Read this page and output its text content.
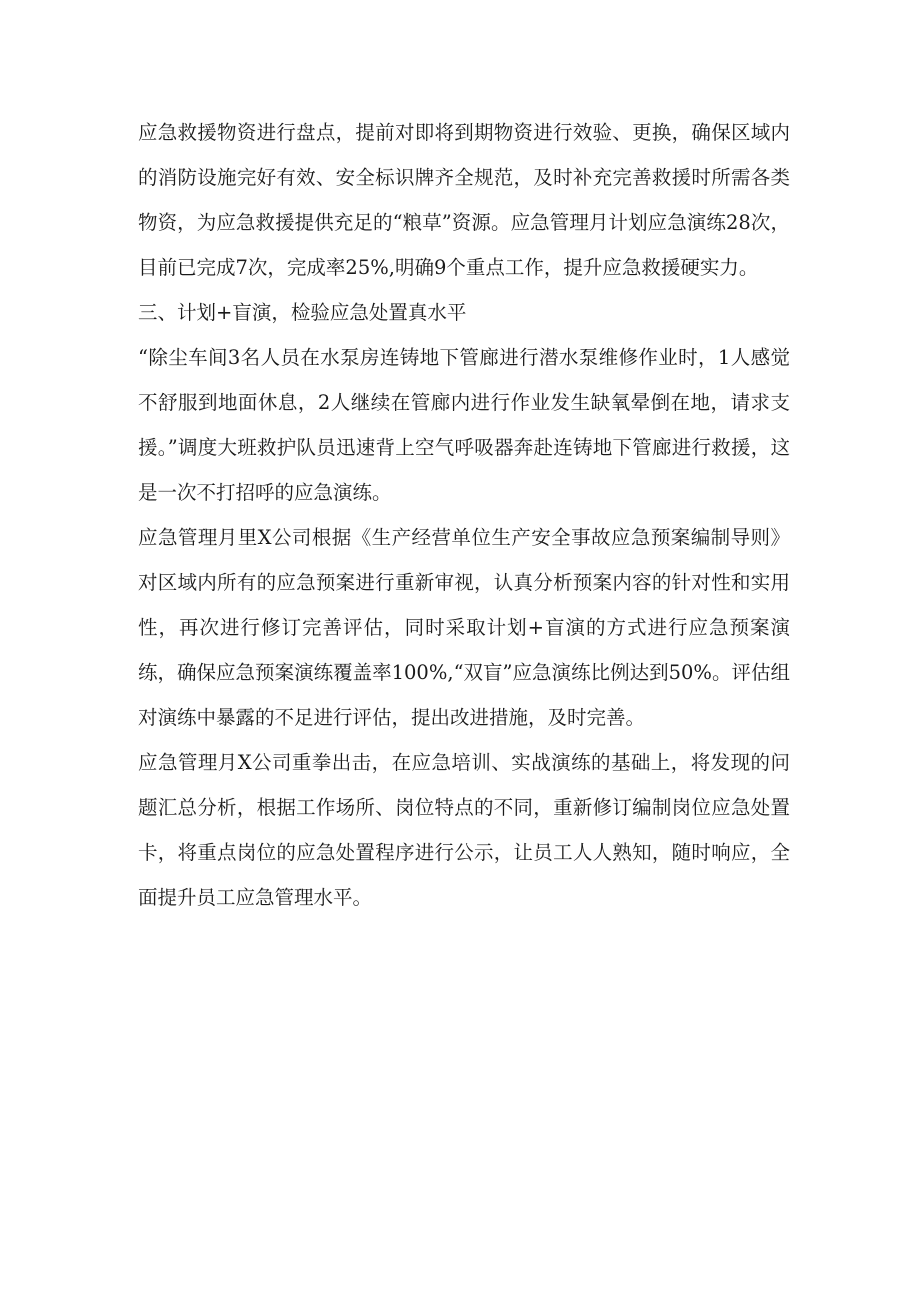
应急救援物资进行盘点，提前对即将到期物资进行效验、更换，确保区域内的消防设施完好有效、安全标识牌齐全规范，及时补充完善救援时所需各类物资，为应急救援提供充足的“粮草”资源。应急管理月计划应急演练28次，目前已完成7次，完成率25%,明确9个重点工作，提升应急救援硬实力。

三、计划+盲演，检验应急处置真水平

“除尘车间3名人员在水泵房连铸地下管廊进行潜水泵维修作业时，1人感觉不舒服到地面休息，2人继续在管廊内进行作业发生缺氧晕倒在地，请求支援。”调度大班救护队员迅速背上空气呼吸器奔赴连铸地下管廊进行救援，这是一次不打招呼的应急演练。

应急管理月里X公司根据《生产经营单位生产安全事故应急预案编制导则》对区域内所有的应急预案进行重新审视，认真分析预案内容的针对性和实用性，再次进行修订完善评估，同时采取计划+盲演的方式进行应急预案演练，确保应急预案演练覆盖率100%,“双盲”应急演练比例达到50%。评估组对演练中暴露的不足进行评估，提出改进措施，及时完善。

应急管理月X公司重拳出击，在应急培训、实战演练的基础上，将发现的问题汇总分析，根据工作场所、岗位特点的不同，重新修订编制岗位应急处置卡，将重点岗位的应急处置程序进行公示，让员工人人熟知，随时响应，全面提升员工应急管理水平。
